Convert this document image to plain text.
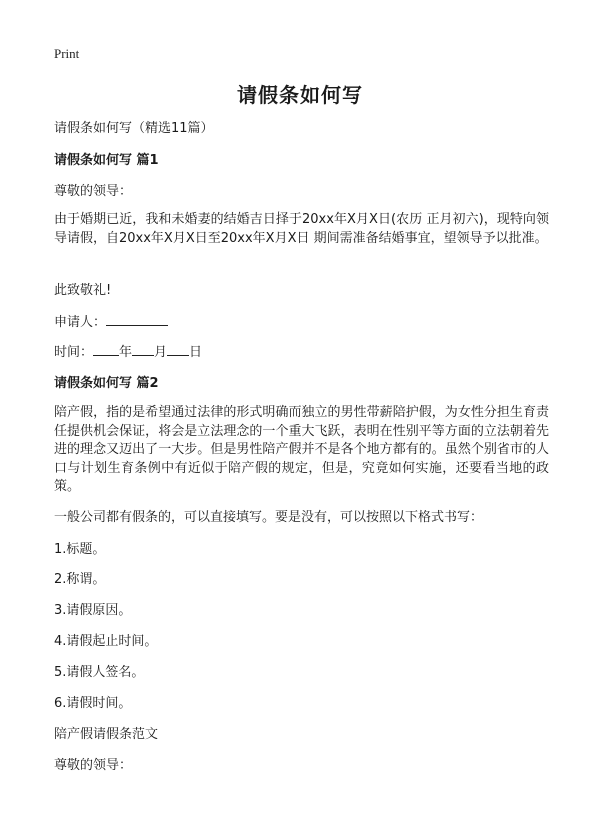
Print
请假条如何写
请假条如何写（精选11篇）
请假条如何写 篇1
尊敬的领导：

由于婚期已近，我和未婚妻的结婚吉日择于20xx年X月X日(农历 正月初六)，现特向领导请假，自20xx年X月X日至20xx年X月X日 期间需准备结婚事宜，望领导予以批准。

此致敬礼!
申请人：
时间： 年 月 日
请假条如何写 篇2

陪产假，指的是希望通过法律的形式明确而独立的男性带薪陪护假，为女性分担生育责任提供机会保证，将会是立法理念的一个重大飞跃，表明在性别平等方面的立法朝着先进的理念又迈出了一大步。但是男性陪产假并不是各个地方都有的。虽然个别省市的人口与计划生育条例中有近似于陪产假的规定，但是，究竟如何实施，还要看当地的政策。

一般公司都有假条的，可以直接填写。要是没有，可以按照以下格式书写：
1.标题。
2.称谓。
3.请假原因。
4.请假起止时间。
5.请假人签名。
6.请假时间。
陪产假请假条范文
尊敬的领导：
